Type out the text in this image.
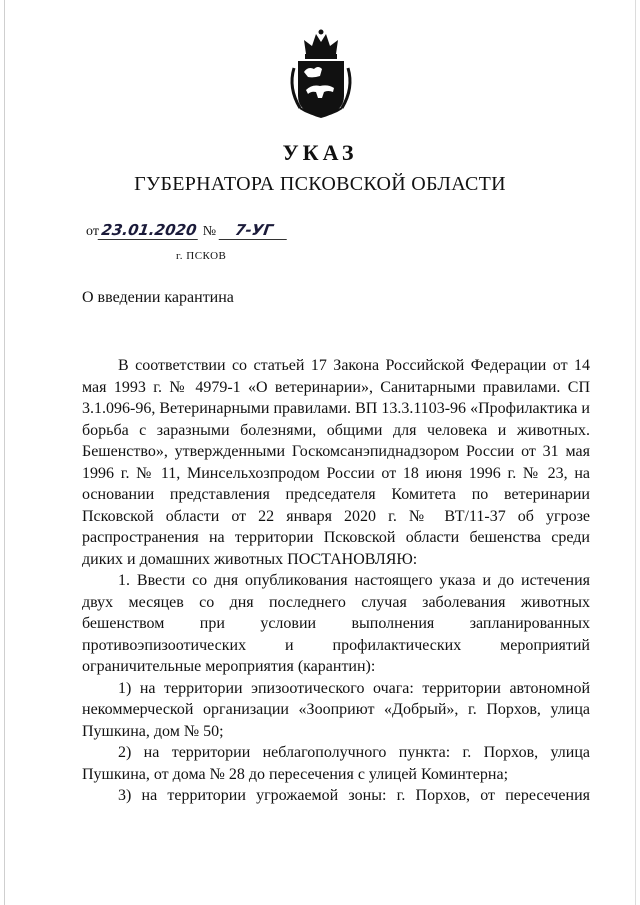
УКАЗ
ГУБЕРНАТОРА ПСКОВСКОЙ ОБЛАСТИ
от23.01.2020 № 7-УГ
г. ПСКОВ
О введении карантина

В соответствии со статьей 17 Закона Российской Федерации от 14 мая 1993 г. № 4979-1 «О ветеринарии», Санитарными правилами. СП 3.1.096-96, Ветеринарными правилами. ВП 13.3.1103-96 «Профилактика и борьба с заразными болезнями, общими для человека и животных. Бешенство», утвержденными Госкомсанэпиднадзором России от 31 мая 1996 г. № 11, Минсельхозпродом России от 18 июня 1996 г. № 23, на основании представления председателя Комитета по ветеринарии Псковской области от 22 января 2020 г. № ВТ/11-37 об угрозе распространения на территории Псковской области бешенства среди диких и домашних животных ПОСТАНОВЛЯЮ:

1. Ввести со дня опубликования настоящего указа и до истечения двух месяцев со дня последнего случая заболевания животных бешенством при условии выполнения запланированных противоэпизоотических и профилактических мероприятий ограничительные мероприятия (карантин):

1) на территории эпизоотического очага: территории автономной некоммерческой организации «Зооприют «Добрый», г. Порхов, улица Пушкина, дом № 50;

2) на территории неблагополучного пункта: г. Порхов, улица Пушкина, от дома № 28 до пересечения с улицей Коминтерна;

3) на территории угрожаемой зоны: г. Порхов, от пересечения
